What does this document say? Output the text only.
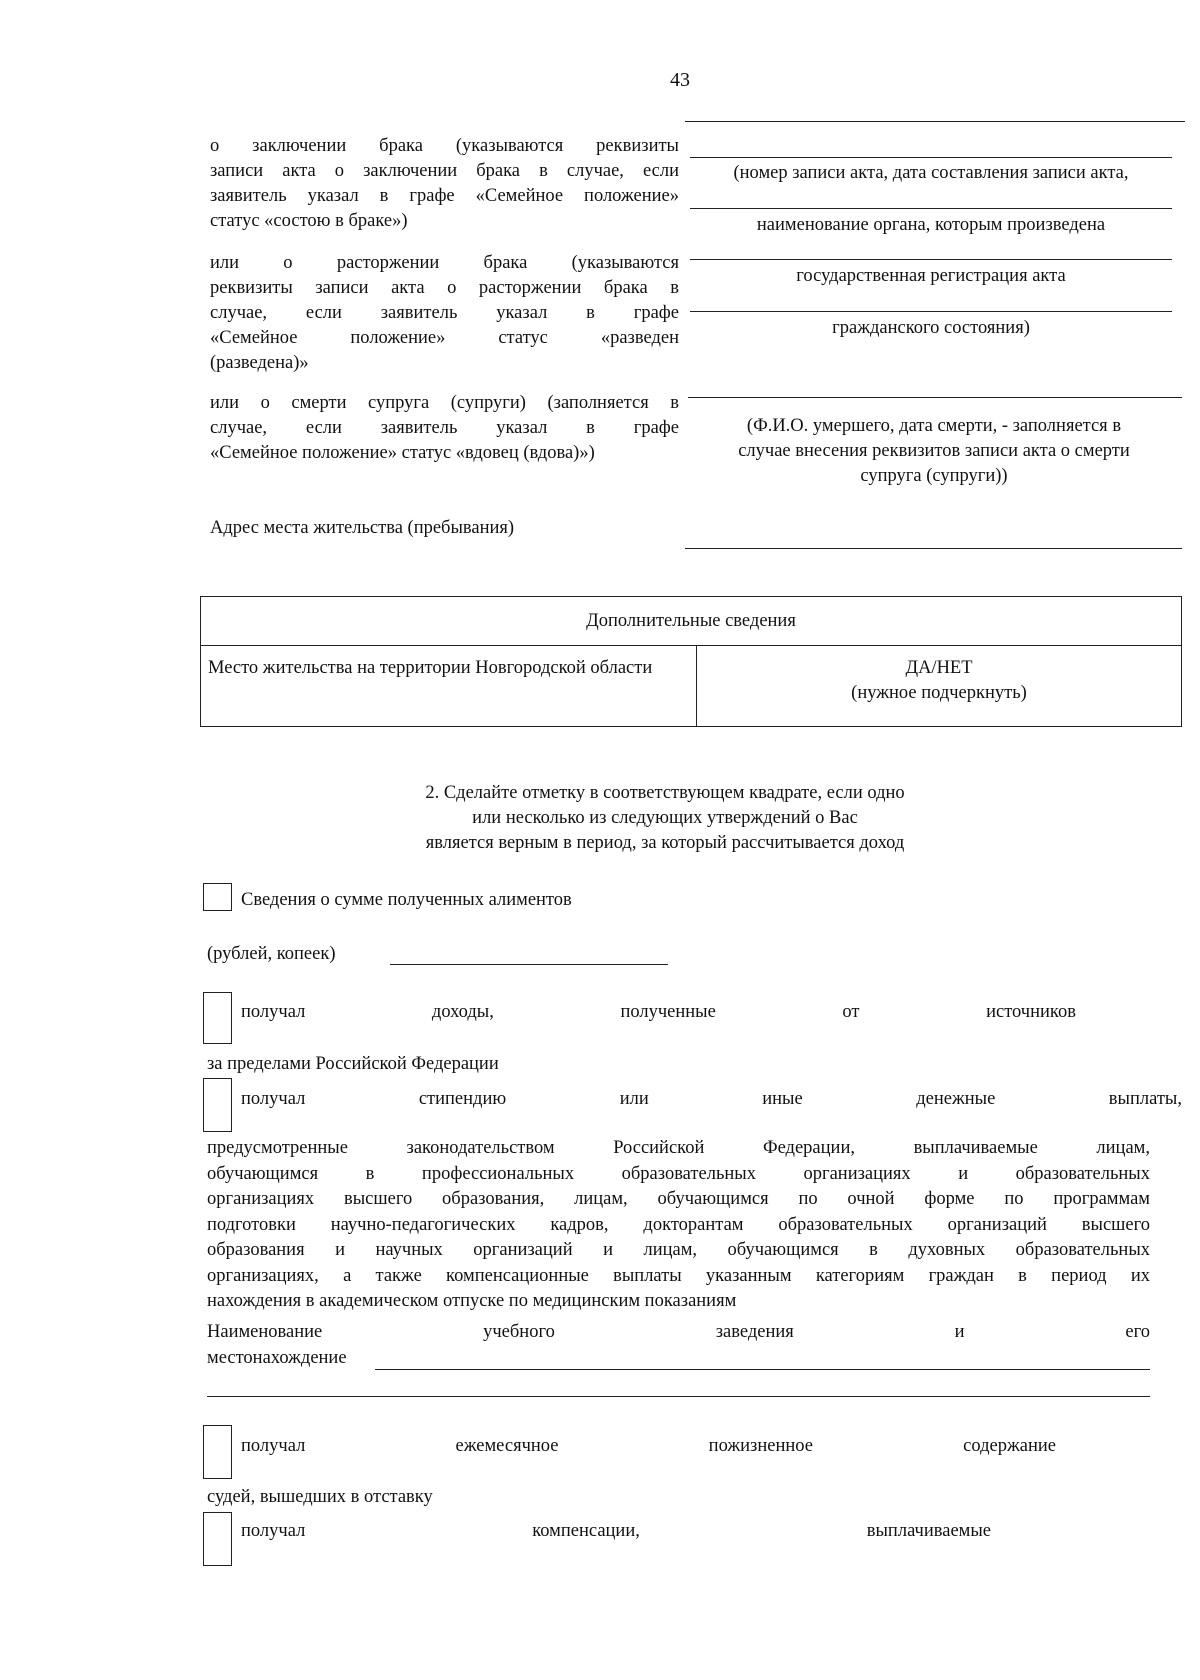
43
о заключении брака (указываются реквизиты
записи акта о заключении брака в случае, если
заявитель указал в графе «Семейное положение»
статус «состою в браке»)
(номер записи акта, дата составления записи акта,
наименование органа, которым произведена
или о расторжении брака (указываются
реквизиты записи акта о расторжении брака в
случае, если заявитель указал в графе
«Семейное положение» статус «разведен
(разведена)»
государственная регистрация акта
гражданского состояния)
или о смерти супруга (супруги) (заполняется в
случае, если заявитель указал в графе
«Семейное положение» статус «вдовец (вдова)»)
(Ф.И.О. умершего, дата смерти, - заполняется в
случае внесения реквизитов записи акта о смерти
супруга (супруги))
Адрес места жительства (пребывания)
Дополнительные сведения
Место жительства на территории Новгородской области	ДА/НЕТ
(нужное подчеркнуть)
2. Сделайте отметку в соответствующем квадрате, если одно
или несколько из следующих утверждений о Вас
является верным в период, за который рассчитывается доход
Сведения о сумме полученных алиментов
(рублей, копеек)
получал	доходы,	полученные	от	источников
за пределами Российской Федерации
получал	стипендию	или	иные	денежные	выплаты,
предусмотренные законодательством Российской Федерации, выплачиваемые лицам,
обучающимся в профессиональных образовательных организациях и образовательных
организациях высшего образования, лицам, обучающимся по очной форме по программам
подготовки научно-педагогических кадров, докторантам образовательных организаций высшего
образования и научных организаций и лицам, обучающимся в духовных образовательных
организациях, а также компенсационные выплаты указанным категориям граждан в период их
нахождения в академическом отпуске по медицинским показаниям
Наименование	учебного	заведения	и	его
местонахождение
получал	ежемесячное	пожизненное	содержание
судей, вышедших в отставку
получал	компенсации,	выплачиваемые
